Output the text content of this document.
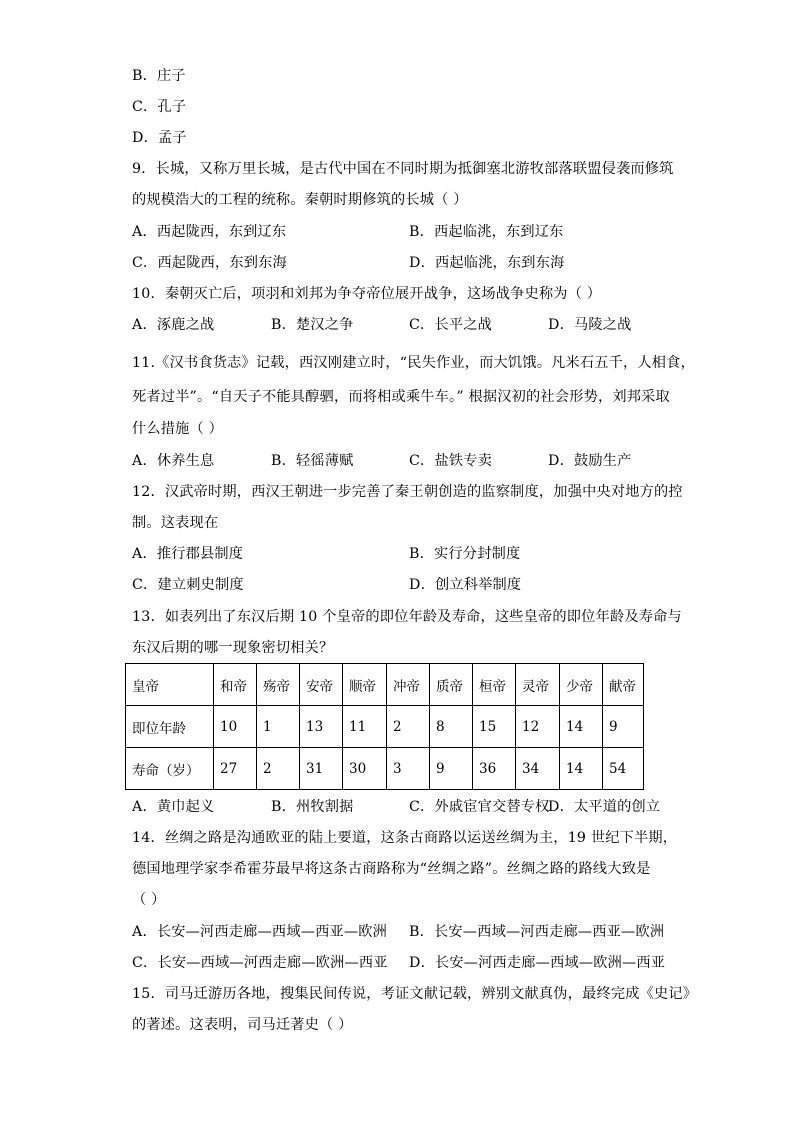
B．庄子
C．孔子
D．孟子
9．长城，又称万里长城，是古代中国在不同时期为抵御塞北游牧部落联盟侵袭而修筑
的规模浩大的工程的统称。秦朝时期修筑的长城（ ）
A．西起陇西，东到辽东	B．西起临洮，东到辽东
C．西起陇西，东到东海	D．西起临洮，东到东海
10．秦朝灭亡后，项羽和刘邦为争夺帝位展开战争，这场战争史称为（ ）
A．涿鹿之战	B．楚汉之争	C．长平之战	D．马陵之战
11.《汉书食货志》记载，西汉刚建立时，“民失作业，而大饥饿。凡米石五千，人相食，
死者过半”。“自天子不能具醇驷，而将相或乘牛车。” 根据汉初的社会形势，刘邦采取
什么措施（ ）
A．休养生息	B．轻徭薄赋	C．盐铁专卖	D．鼓励生产
12．汉武帝时期，西汉王朝进一步完善了秦王朝创造的监察制度，加强中央对地方的控
制。这表现在
A．推行郡县制度	B．实行分封制度
C．建立刺史制度	D．创立科举制度
13．如表列出了东汉后期 10 个皇帝的即位年龄及寿命，这些皇帝的即位年龄及寿命与
东汉后期的哪一现象密切相关？
皇帝	和帝	殇帝	安帝	顺帝	冲帝	质帝	桓帝	灵帝	少帝	献帝
即位年龄	10	1	13	11	2	8	15	12	14	9
寿命（岁）	27	2	31	30	3	9	36	34	14	54
A．黄巾起义	B．州牧割据	C．外戚宦官交替专权
D．太平道的创立
14．丝绸之路是沟通欧亚的陆上要道，这条古商路以运送丝绸为主，19 世纪下半期，
德国地理学家李希霍芬最早将这条古商路称为“丝绸之路”。丝绸之路的路线大致是
（ ）
A．长安—河西走廊—西域—西亚—欧洲 B．长安—西域—河西走廊—西亚—欧洲
C．长安—西域—河西走廊—欧洲—西亚 D．长安—河西走廊—西域—欧洲—西亚
15．司马迁游历各地，搜集民间传说，考证文献记载，辨别文献真伪，最终完成《史记》
的著述。这表明，司马迁著史（ ）
